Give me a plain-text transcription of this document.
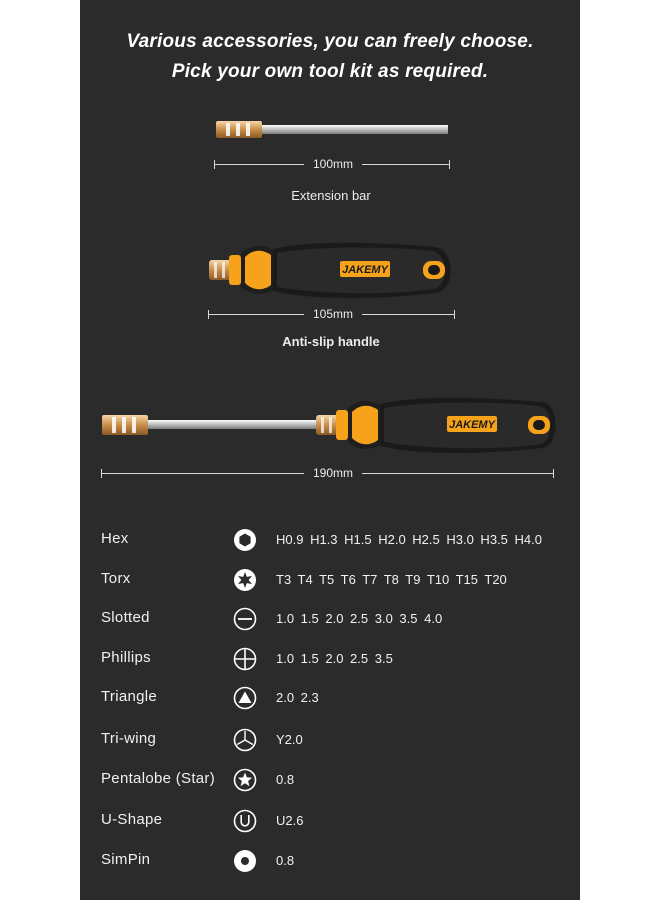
Various accessories, you can freely choose.
Pick your own tool kit as required.
100mm
Extension bar
JAKEMY
105mm
Anti-slip handle
JAKEMY
190mm
Hex	H0.9 H1.3 H1.5 H2.0 H2.5 H3.0 H3.5 H4.0
Torx	T3 T4 T5 T6 T7 T8 T9 T10 T15 T20
Slotted	1.0 1.5 2.0 2.5 3.0 3.5 4.0
Phillips	1.0 1.5 2.0 2.5 3.5
Triangle	2.0 2.3
Tri-wing	Y2.0
Pentalobe (Star)	0.8
U-Shape	U2.6
SimPin	0.8
